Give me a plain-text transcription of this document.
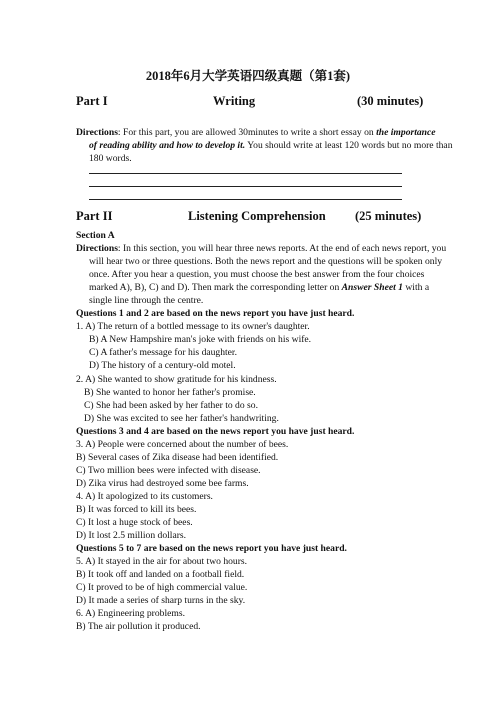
2018年6月大学英语四级真题（第1套)
Part I	Writing	(30 minutes)
Directions: For this part, you are allowed 30minutes to write a short essay on the importance
of reading ability and how to develop it. You should write at least 120 words but no more than
180 words.
Part II	Listening Comprehension (25 minutes)
Section A
Directions: In this section, you will hear three news reports. At the end of each news report, you
will hear two or three questions. Both the news report and the questions will be spoken only
once. After you hear a question, you must choose the best answer from the four choices
marked A), B), C) and D). Then mark the corresponding letter on Answer Sheet 1 with a
single line through the centre.
Questions 1 and 2 are based on the news report you have just heard.
1. A) The return of a bottled message to its owner's daughter.
B) A New Hampshire man's joke with friends on his wife.
C) A father's message for his daughter.
D) The history of a century-old motel.
2. A) She wanted to show gratitude for his kindness.
B) She wanted to honor her father's promise.
C) She had been asked by her father to do so.
D) She was excited to see her father's handwriting.
Questions 3 and 4 are based on the news report you have just heard.
3. A) People were concerned about the number of bees.
B) Several cases of Zika disease had been identified.
C) Two million bees were infected with disease.
D) Zika virus had destroyed some bee farms.
4. A) It apologized to its customers.
B) It was forced to kill its bees.
C) It lost a huge stock of bees.
D) It lost 2.5 million dollars.
Questions 5 to 7 are based on the news report you have just heard.
5. A) It stayed in the air for about two hours.
B) It took off and landed on a football field.
C) It proved to be of high commercial value.
D) It made a series of sharp turns in the sky.
6. A) Engineering problems.
B) The air pollution it produced.
